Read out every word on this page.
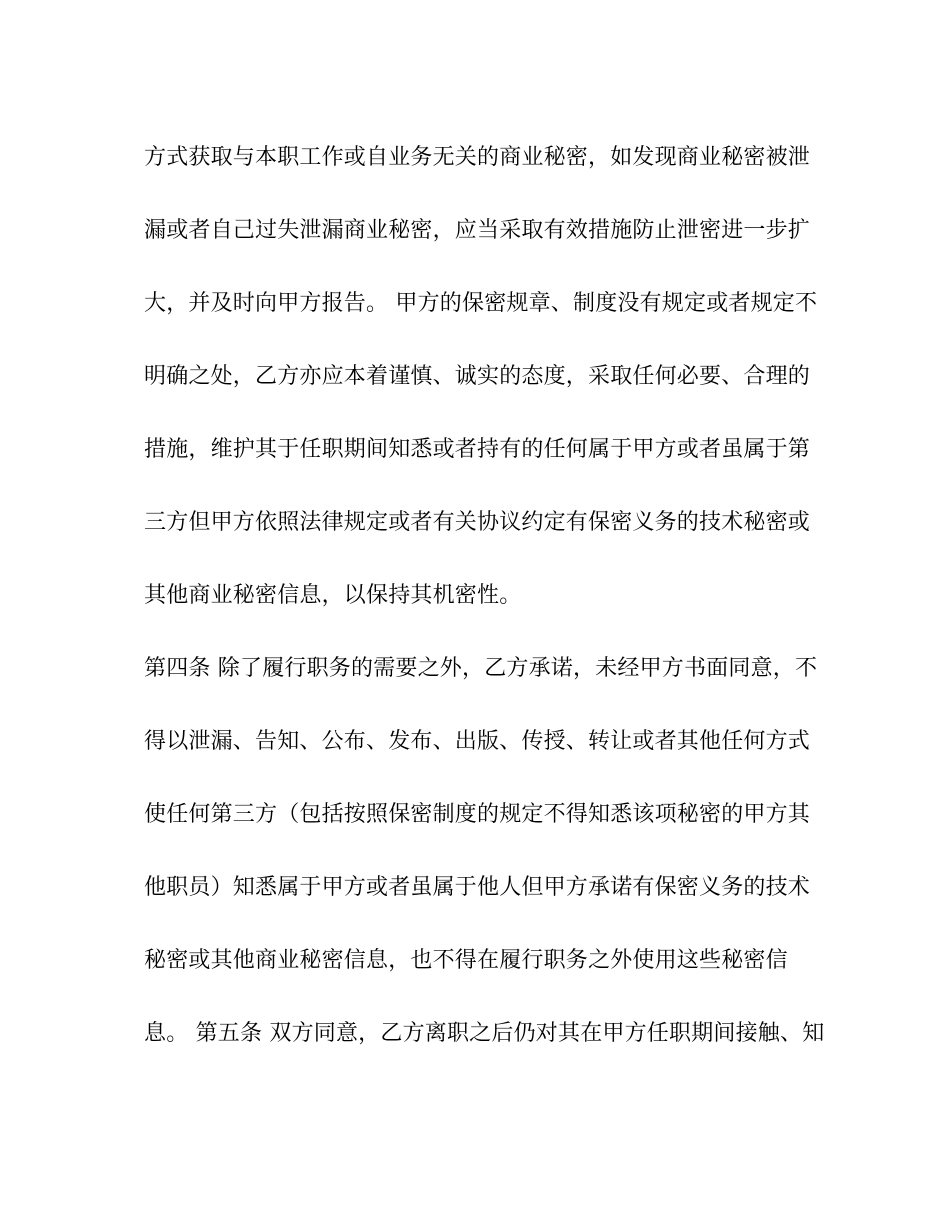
方式获取与本职工作或自业务无关的商业秘密，如发现商业秘密被泄
漏或者自己过失泄漏商业秘密，应当采取有效措施防止泄密进一步扩
大，并及时向甲方报告。 甲方的保密规章、制度没有规定或者规定不
明确之处，乙方亦应本着谨慎、诚实的态度，采取任何必要、合理的
措施，维护其于任职期间知悉或者持有的任何属于甲方或者虽属于第
三方但甲方依照法律规定或者有关协议约定有保密义务的技术秘密或
其他商业秘密信息，以保持其机密性。
第四条 除了履行职务的需要之外，乙方承诺，未经甲方书面同意，不
得以泄漏、告知、公布、发布、出版、传授、转让或者其他任何方式
使任何第三方（包括按照保密制度的规定不得知悉该项秘密的甲方其
他职员）知悉属于甲方或者虽属于他人但甲方承诺有保密义务的技术
秘密或其他商业秘密信息，也不得在履行职务之外使用这些秘密信
息。 第五条 双方同意，乙方离职之后仍对其在甲方任职期间接触、知
